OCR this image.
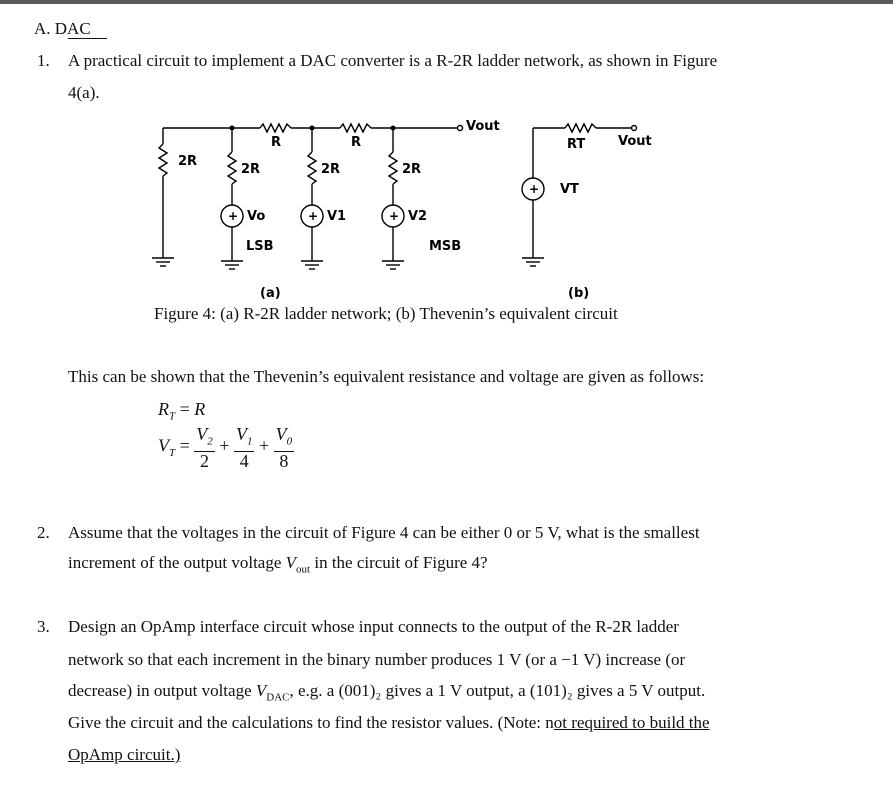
A. DAC
1. A practical circuit to implement a DAC converter is a R-2R ladder network, as shown in Figure
4(a).
R	R
2R
2R	2R	2R
+	+	+
+
Vo	V1	V2
LSB	MSB
Vout
RT	Vout
VT
(a)	(b)
Figure 4: (a) R-2R ladder network; (b) Thevenin’s equivalent circuit
This can be shown that the Thevenin’s equivalent resistance and voltage are given as follows:
$R_T = R$
$V_T = \frac{V_2}{2} + \frac{V_1}{4} + \frac{V_0}{8}$
2. Assume that the voltages in the circuit of Figure 4 can be either 0 or 5 V, what is the smallest
increment of the output voltage $V_{out}$ in the circuit of Figure 4?
3. Design an OpAmp interface circuit whose input connects to the output of the R-2R ladder
network so that each increment in the binary number produces 1 V (or a −1 V) increase (or
decrease) in output voltage $V_{DAC}$, e.g. a (001)₂ gives a 1 V output, a (101)₂ gives a 5 V output.
Give the circuit and the calculations to find the resistor values. (Note: not required to build the
OpAmp circuit.)
